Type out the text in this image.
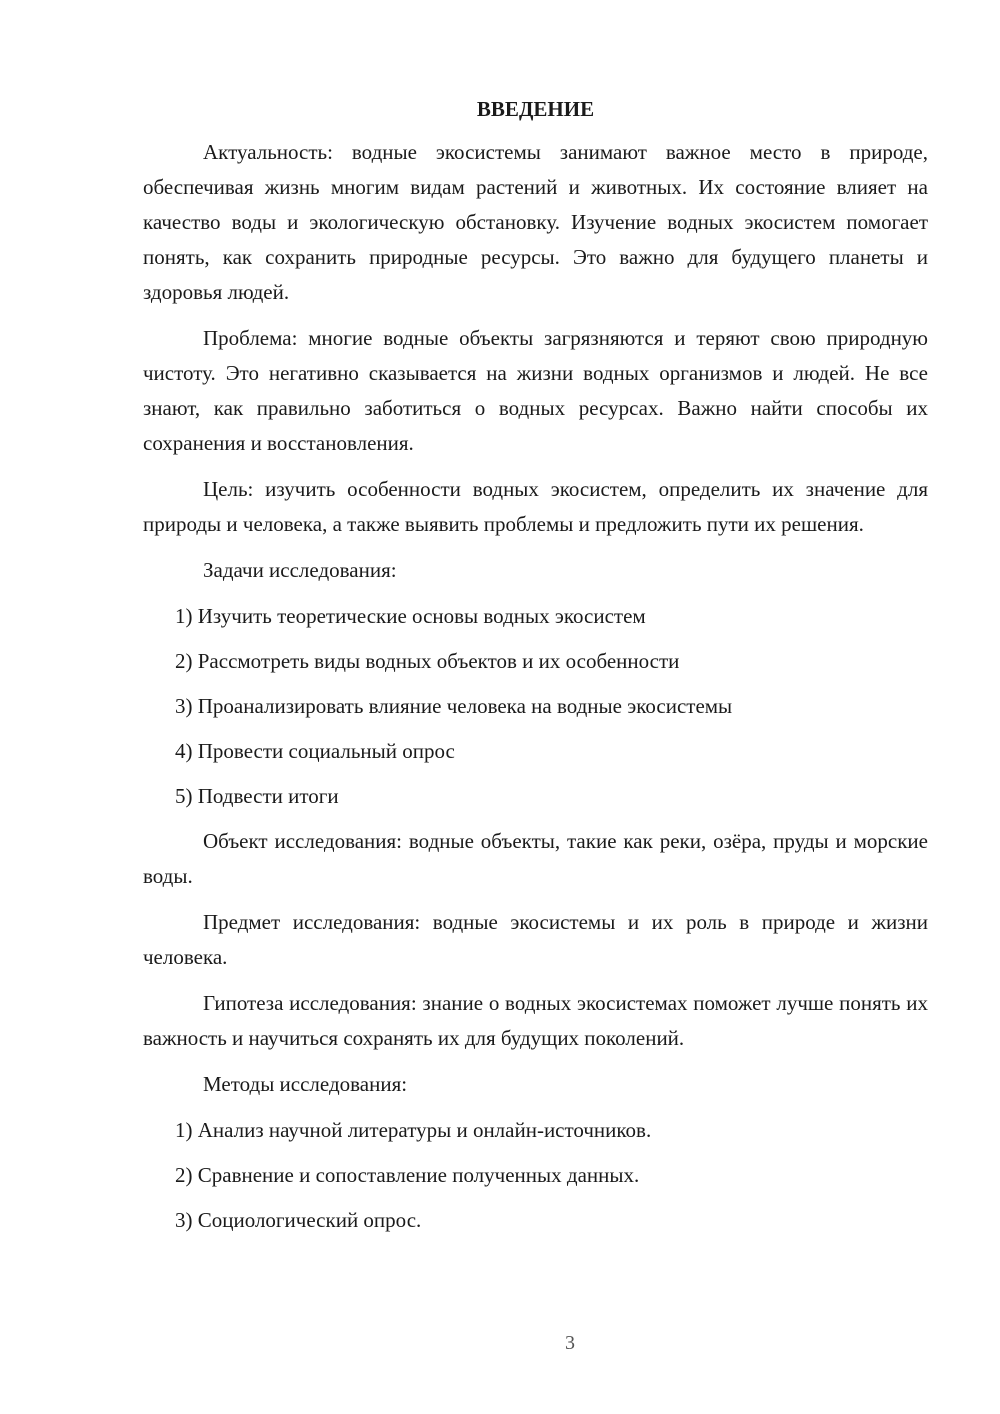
ВВЕДЕНИЕ

Актуальность: водные экосистемы занимают важное место в природе, обеспечивая жизнь многим видам растений и животных. Их состояние влияет на качество воды и экологическую обстановку. Изучение водных экосистем помогает понять, как сохранить природные ресурсы. Это важно для будущего планеты и здоровья людей.

Проблема: многие водные объекты загрязняются и теряют свою природную чистоту. Это негативно сказывается на жизни водных организмов и людей. Не все знают, как правильно заботиться о водных ресурсах. Важно найти способы их сохранения и восстановления.

Цель: изучить особенности водных экосистем, определить их значение для природы и человека, а также выявить проблемы и предложить пути их решения.

Задачи исследования:
1) Изучить теоретические основы водных экосистем
2) Рассмотреть виды водных объектов и их особенности
3) Проанализировать влияние человека на водные экосистемы
4) Провести социальный опрос
5) Подвести итоги

Объект исследования: водные объекты, такие как реки, озёра, пруды и морские воды.

Предмет исследования: водные экосистемы и их роль в природе и жизни человека.

Гипотеза исследования: знание о водных экосистемах поможет лучше понять их важность и научиться сохранять их для будущих поколений.

Методы исследования:
1) Анализ научной литературы и онлайн-источников.
2) Сравнение и сопоставление полученных данных.
3) Социологический опрос.
3
